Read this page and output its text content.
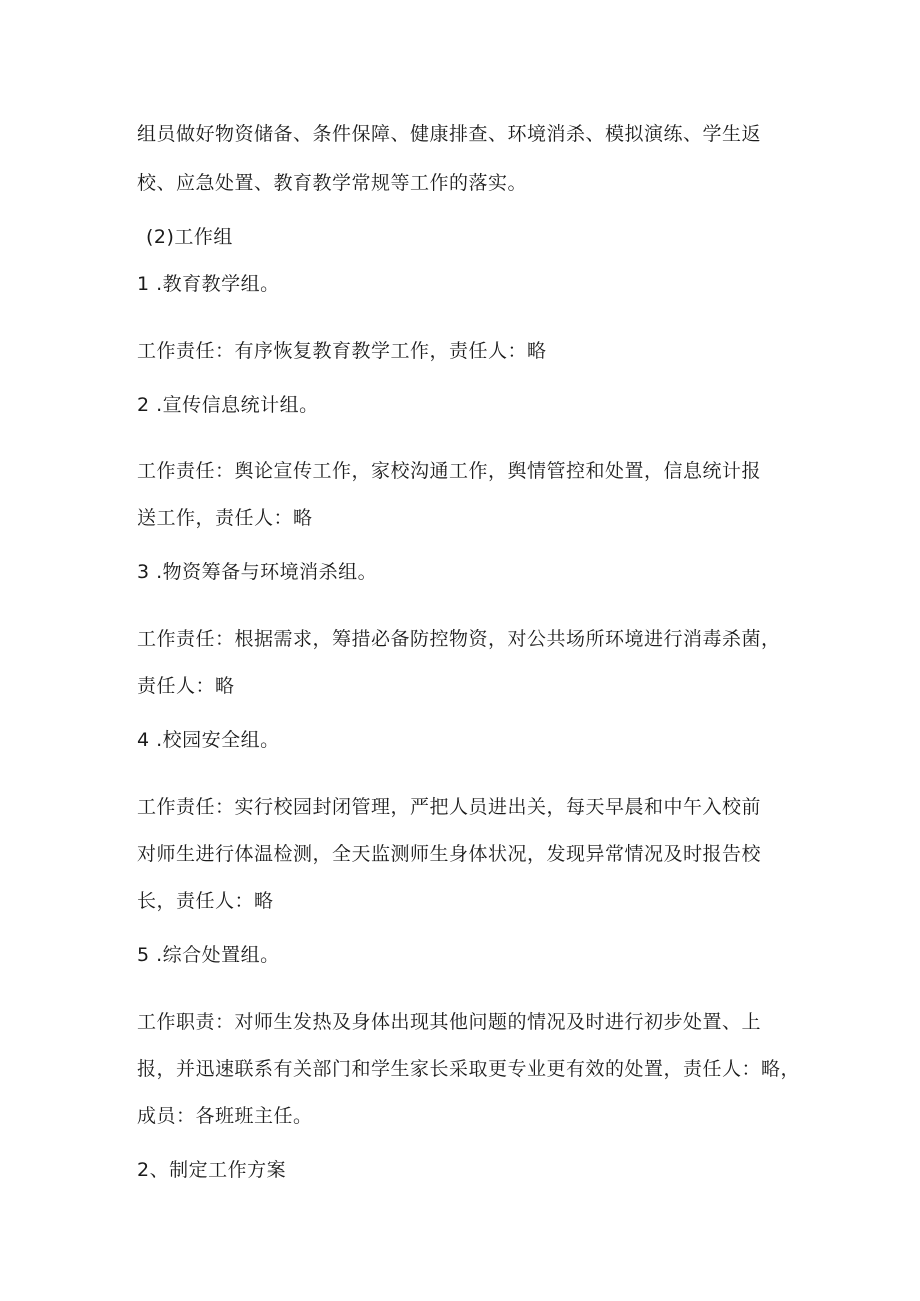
组员做好物资储备、条件保障、健康排查、环境消杀、模拟演练、学生返
校、应急处置、教育教学常规等工作的落实。
(2)工作组
1 .教育教学组。
工作责任：有序恢复教育教学工作，责任人：略
2 .宣传信息统计组。
工作责任：舆论宣传工作，家校沟通工作，舆情管控和处置，信息统计报
送工作，责任人：略
3 .物资筹备与环境消杀组。
工作责任：根据需求，筹措必备防控物资，对公共场所环境进行消毒杀菌，
责任人：略
4 .校园安全组。
工作责任：实行校园封闭管理，严把人员进出关，每天早晨和中午入校前
对师生进行体温检测，全天监测师生身体状况，发现异常情况及时报告校
长，责任人：略
5 .综合处置组。
工作职责：对师生发热及身体出现其他问题的情况及时进行初步处置、上
报，并迅速联系有关部门和学生家长采取更专业更有效的处置，责任人：略，
成员：各班班主任。
2、制定工作方案
